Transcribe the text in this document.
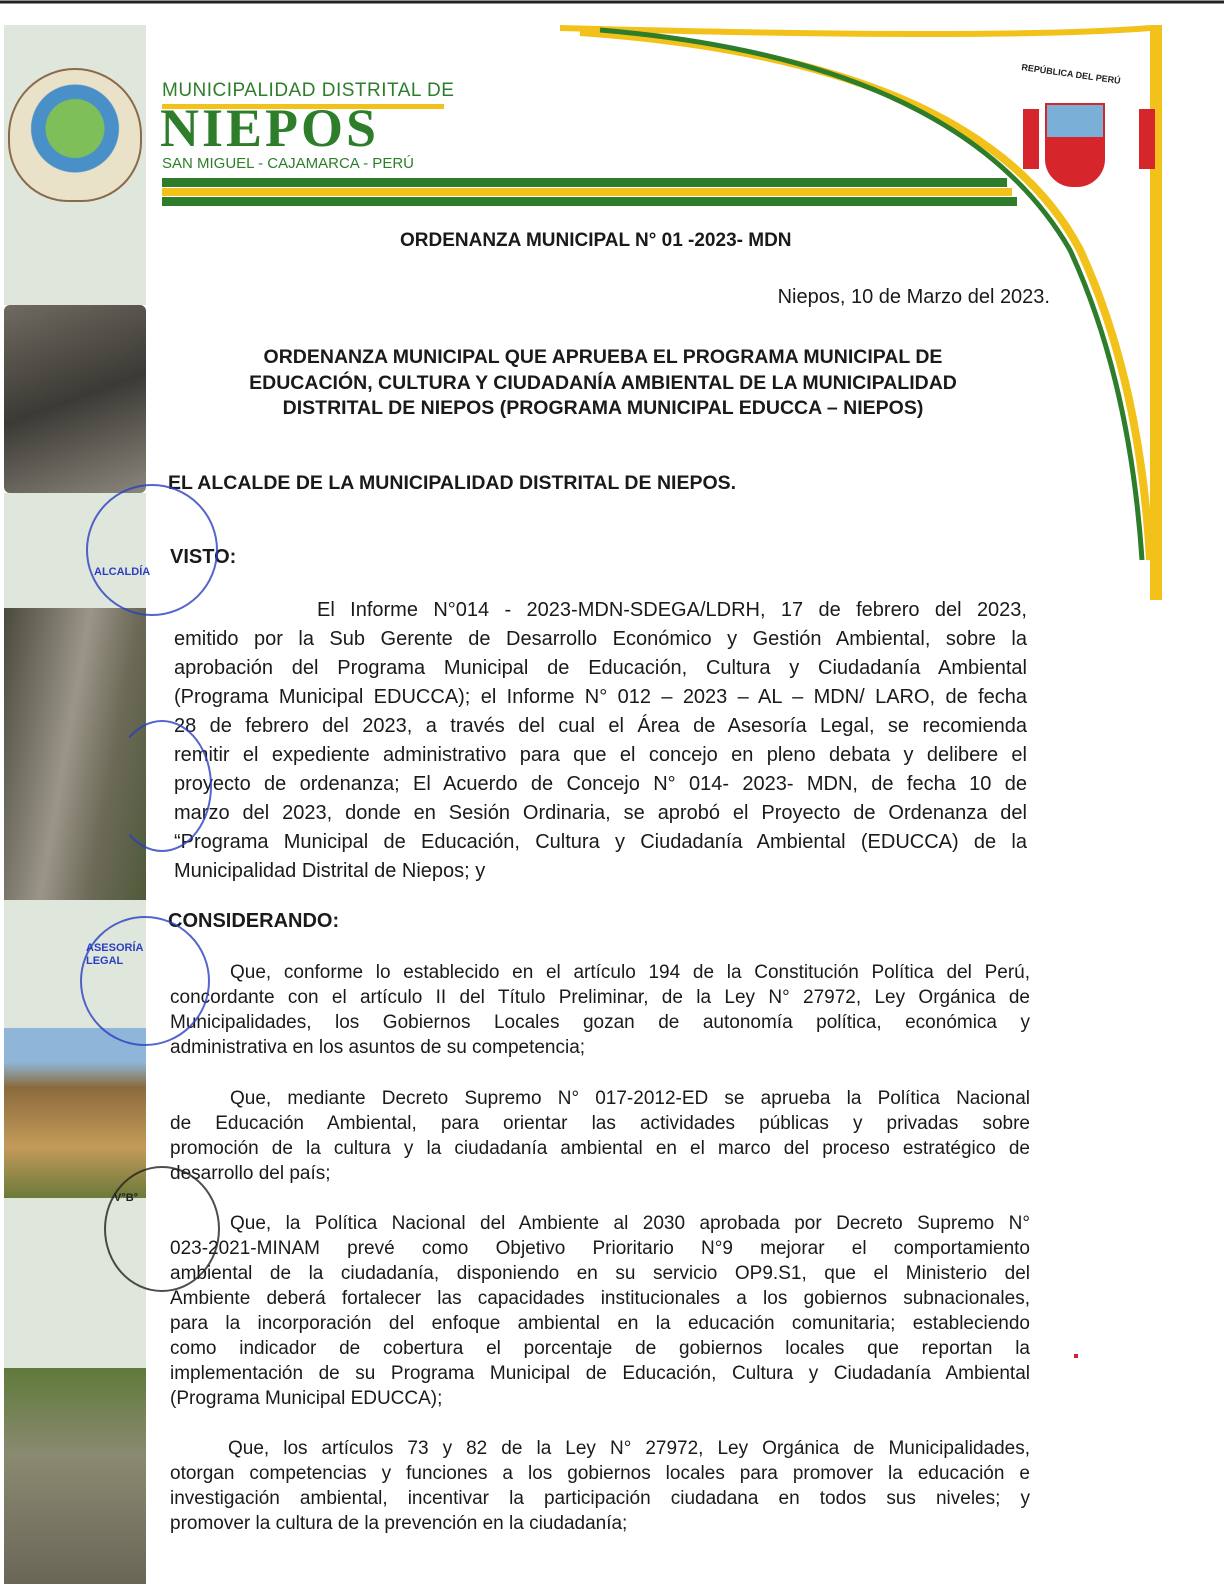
MUNICIPALIDAD DISTRITAL DE
NIEPOS
SAN MIGUEL - CAJAMARCA - PERÚ
REPÚBLICA DEL PERÚ
ORDENANZA MUNICIPAL N° 01 -2023- MDN
Niepos, 10 de Marzo del 2023.
ORDENANZA MUNICIPAL QUE APRUEBA EL PROGRAMA MUNICIPAL DE
EDUCACIÓN, CULTURA Y CIUDADANÍA AMBIENTAL DE LA MUNICIPALIDAD
DISTRITAL DE NIEPOS (PROGRAMA MUNICIPAL EDUCCA – NIEPOS)
EL ALCALDE DE LA MUNICIPALIDAD DISTRITAL DE NIEPOS.
VISTO:
El Informe N°014 - 2023-MDN-SDEGA/LDRH, 17 de febrero del 2023,
emitido por la Sub Gerente de Desarrollo Económico y Gestión Ambiental, sobre la
aprobación del Programa Municipal de Educación, Cultura y Ciudadanía Ambiental
(Programa Municipal EDUCCA); el Informe N° 012 – 2023 – AL – MDN/ LARO, de fecha
28 de febrero del 2023, a través del cual el Área de Asesoría Legal, se recomienda
remitir el expediente administrativo para que el concejo en pleno debata y delibere el
proyecto de ordenanza; El Acuerdo de Concejo N° 014- 2023- MDN, de fecha 10 de
marzo del 2023, donde en Sesión Ordinaria, se aprobó el Proyecto de Ordenanza del
“Programa Municipal de Educación, Cultura y Ciudadanía Ambiental (EDUCCA) de la
Municipalidad Distrital de Niepos; y
CONSIDERANDO:
Que, conforme lo establecido en el artículo 194 de la Constitución Política del Perú,
concordante con el artículo II del Título Preliminar, de la Ley N° 27972, Ley Orgánica de
Municipalidades, los Gobiernos Locales gozan de autonomía política, económica y
administrativa en los asuntos de su competencia;
Que, mediante Decreto Supremo N° 017-2012-ED se aprueba la Política Nacional
de Educación Ambiental, para orientar las actividades públicas y privadas sobre
promoción de la cultura y la ciudadanía ambiental en el marco del proceso estratégico de
desarrollo del país;
Que, la Política Nacional del Ambiente al 2030 aprobada por Decreto Supremo N°
023-2021-MINAM prevé como Objetivo Prioritario N°9 mejorar el comportamiento
ambiental de la ciudadanía, disponiendo en su servicio OP9.S1, que el Ministerio del
Ambiente deberá fortalecer las capacidades institucionales a los gobiernos subnacionales,
para la incorporación del enfoque ambiental en la educación comunitaria; estableciendo
como indicador de cobertura el porcentaje de gobiernos locales que reportan la
implementación de su Programa Municipal de Educación, Cultura y Ciudadanía Ambiental
(Programa Municipal EDUCCA);
Que, los artículos 73 y 82 de la Ley N° 27972, Ley Orgánica de Municipalidades,
otorgan competencias y funciones a los gobiernos locales para promover la educación e
investigación ambiental, incentivar la participación ciudadana en todos sus niveles; y
promover la cultura de la prevención en la ciudadanía;
ALCALDÍA
ASESORÍA LEGAL
V°B°
